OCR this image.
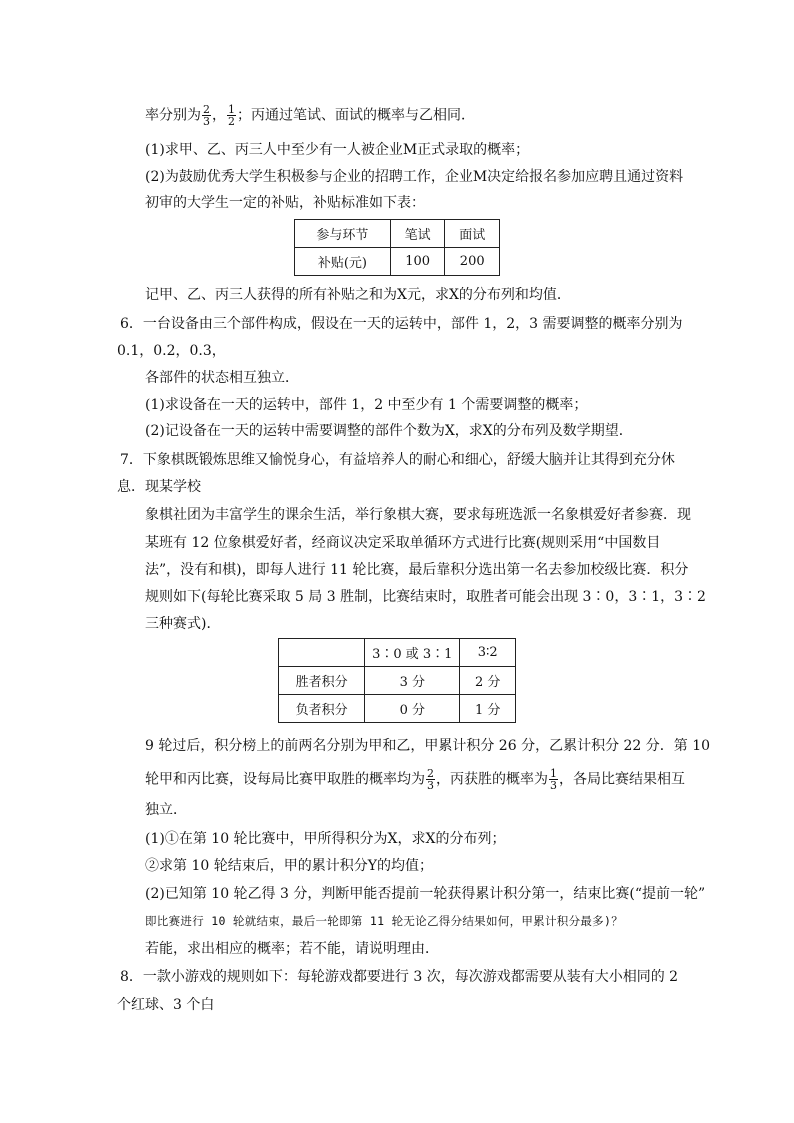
率分别为 $\frac{2}{3}$ ， $\frac{1}{2}$ ；丙通过笔试、面试的概率与乙相同．
(1)求甲、乙、丙三人中至少有一人被企业M正式录取的概率；
(2)为鼓励优秀大学生积极参与企业的招聘工作，企业M决定给报名参加应聘且通过资料
初审的大学生一定的补贴，补贴标准如下表：
参与环节	笔试	面试
补贴(元)	100	200
记甲、乙、丙三人获得的所有补贴之和为X元，求X的分布列和均值．
6．一台设备由三个部件构成，假设在一天的运转中，部件 1，2，3 需要调整的概率分别为
0.1，0.2，0.3，
各部件的状态相互独立．
(1)求设备在一天的运转中，部件 1，2 中至少有 1 个需要调整的概率；
(2)记设备在一天的运转中需要调整的部件个数为X，求X的分布列及数学期望．
7．下象棋既锻炼思维又愉悦身心，有益培养人的耐心和细心，舒缓大脑并让其得到充分休
息．现某学校
象棋社团为丰富学生的课余生活，举行象棋大赛，要求每班选派一名象棋爱好者参赛．现
某班有 12 位象棋爱好者，经商议决定采取单循环方式进行比赛(规则采用“中国数目
法”，没有和棋)，即每人进行 11 轮比赛，最后靠积分选出第一名去参加校级比赛．积分
规则如下(每轮比赛采取 5 局 3 胜制，比赛结束时，取胜者可能会出现 3∶0，3∶1，3∶2
三种赛式)．
	3∶0 或 3∶1	3∶2
胜者积分	3 分	2 分
负者积分	0 分	1 分
9 轮过后，积分榜上的前两名分别为甲和乙，甲累计积分 26 分，乙累计积分 22 分．第 10
轮甲和丙比赛，设每局比赛甲取胜的概率均为 $\frac{2}{3}$ ，丙获胜的概率为 $\frac{1}{3}$ ，各局比赛结果相互
独立．
(1)①在第 10 轮比赛中，甲所得积分为X，求X的分布列；
②求第 10 轮结束后，甲的累计积分Y的均值；
(2)已知第 10 轮乙得 3 分，判断甲能否提前一轮获得累计积分第一，结束比赛(“提前一轮”
即比赛进行 10 轮就结束，最后一轮即第 11 轮无论乙得分结果如何，甲累计积分最多)？
若能，求出相应的概率；若不能，请说明理由．
8．一款小游戏的规则如下：每轮游戏都要进行 3 次，每次游戏都需要从装有大小相同的 2
个红球、3 个白
